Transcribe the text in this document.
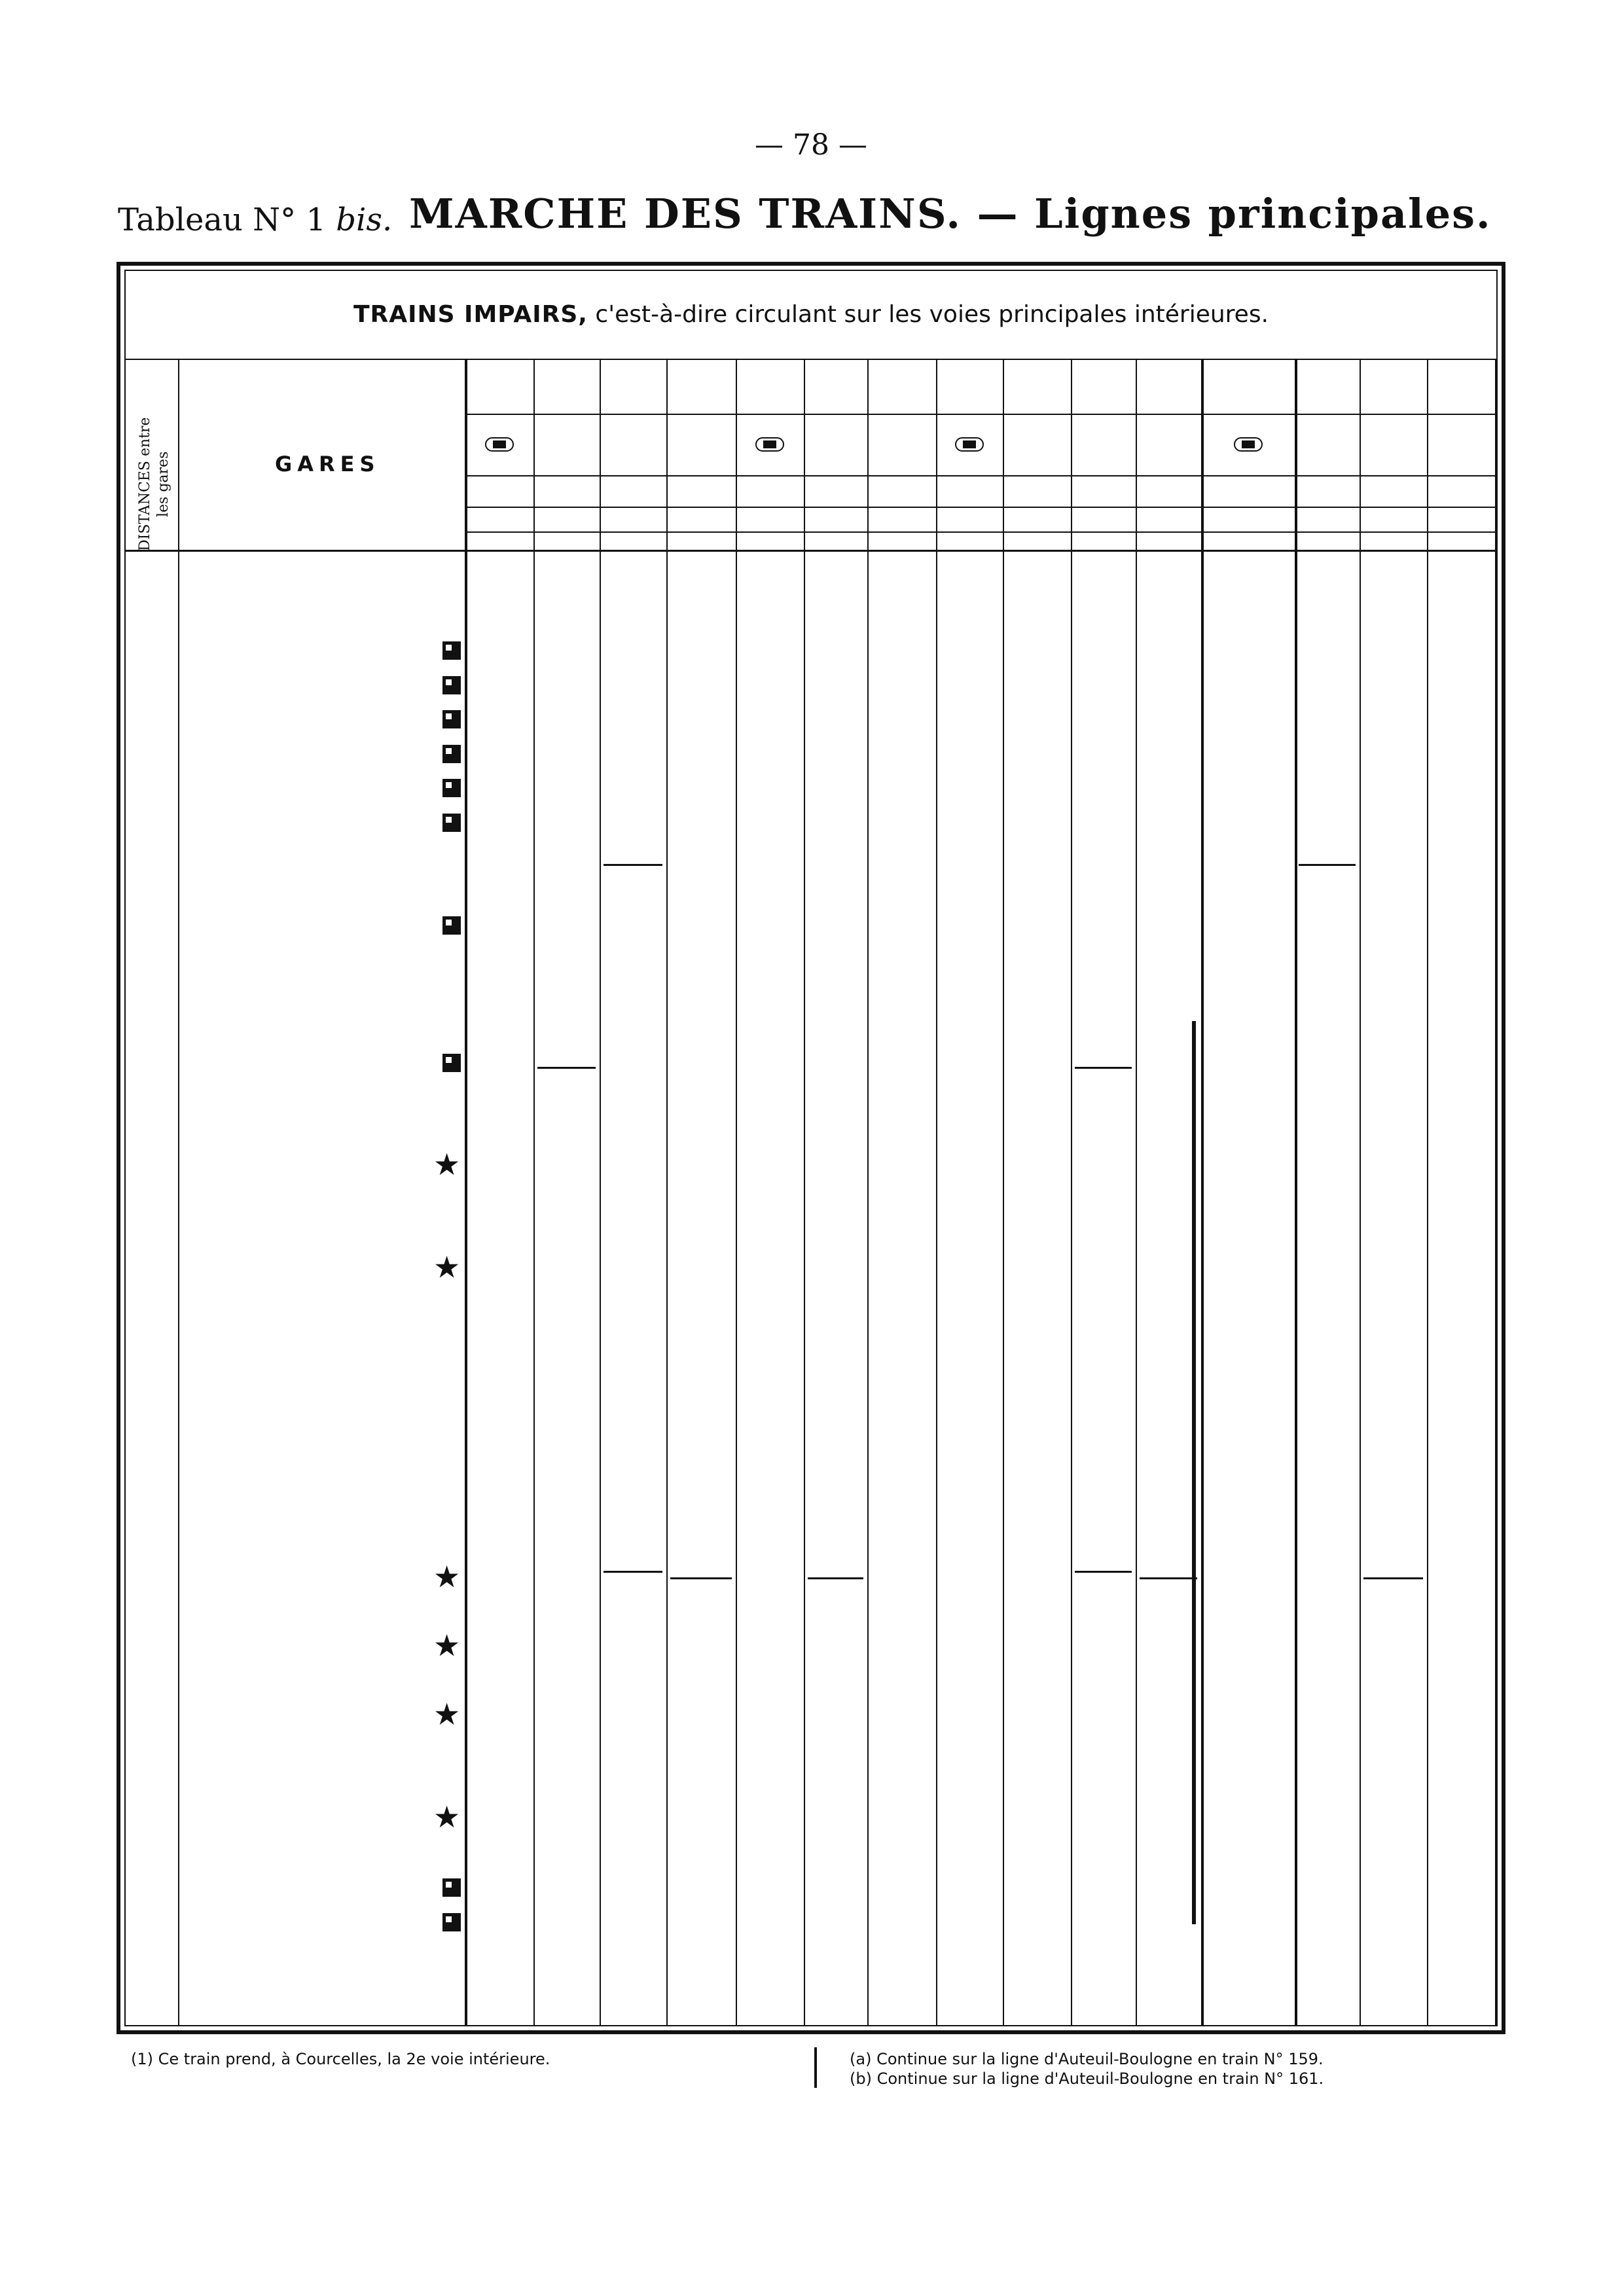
— 78 —
Tableau N° 1 bis. MARCHE DES TRAINS. — Lignes principales.
TRAINS IMPAIRS, c'est-à-dire circulant sur les voies principales intérieures.
DISTANCES entre les gares	GARES
★
★
★
★
★
★
(1) Ce train prend, à Courcelles, la 2e voie intérieure.	(a) Continue sur la ligne d'Auteuil-Boulogne en train N° 159.
(b) Continue sur la ligne d'Auteuil-Boulogne en train N° 161.
